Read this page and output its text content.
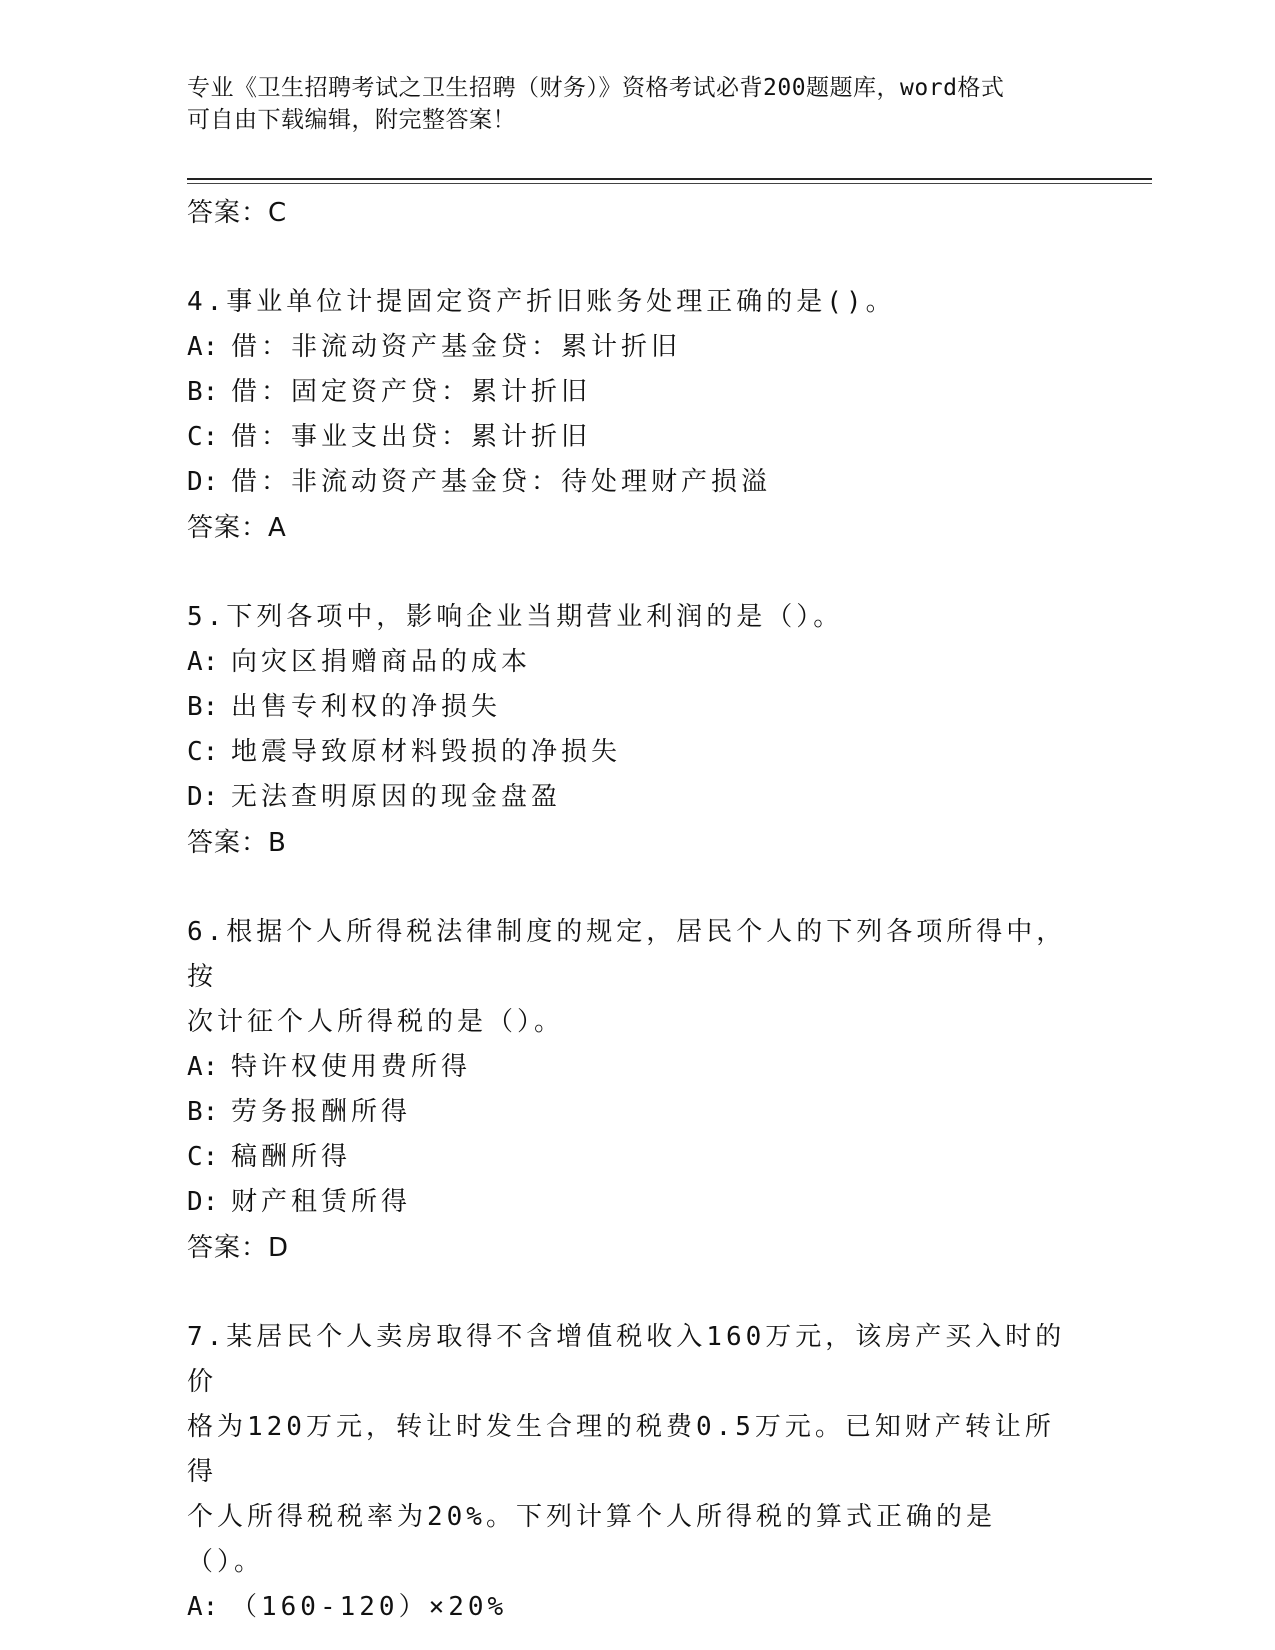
专业《卫生招聘考试之卫生招聘（财务）》资格考试必背200题题库，word格式
可自由下载编辑，附完整答案！
答案：C
4.事业单位计提固定资产折旧账务处理正确的是()。
A: 借：非流动资产基金贷：累计折旧
B: 借：固定资产贷：累计折旧
C: 借：事业支出贷：累计折旧
D: 借：非流动资产基金贷：待处理财产损溢
答案：A
5.下列各项中，影响企业当期营业利润的是（）。
A: 向灾区捐赠商品的成本
B: 出售专利权的净损失
C: 地震导致原材料毁损的净损失
D: 无法查明原因的现金盘盈
答案：B
6.根据个人所得税法律制度的规定，居民个人的下列各项所得中，按
次计征个人所得税的是（）。
A: 特许权使用费所得
B: 劳务报酬所得
C: 稿酬所得
D: 财产租赁所得
答案：D
7.某居民个人卖房取得不含增值税收入160万元，该房产买入时的价
格为120万元，转让时发生合理的税费0.5万元。已知财产转让所得
个人所得税税率为20%。下列计算个人所得税的算式正确的是（）。
A: （160-120）×20%
